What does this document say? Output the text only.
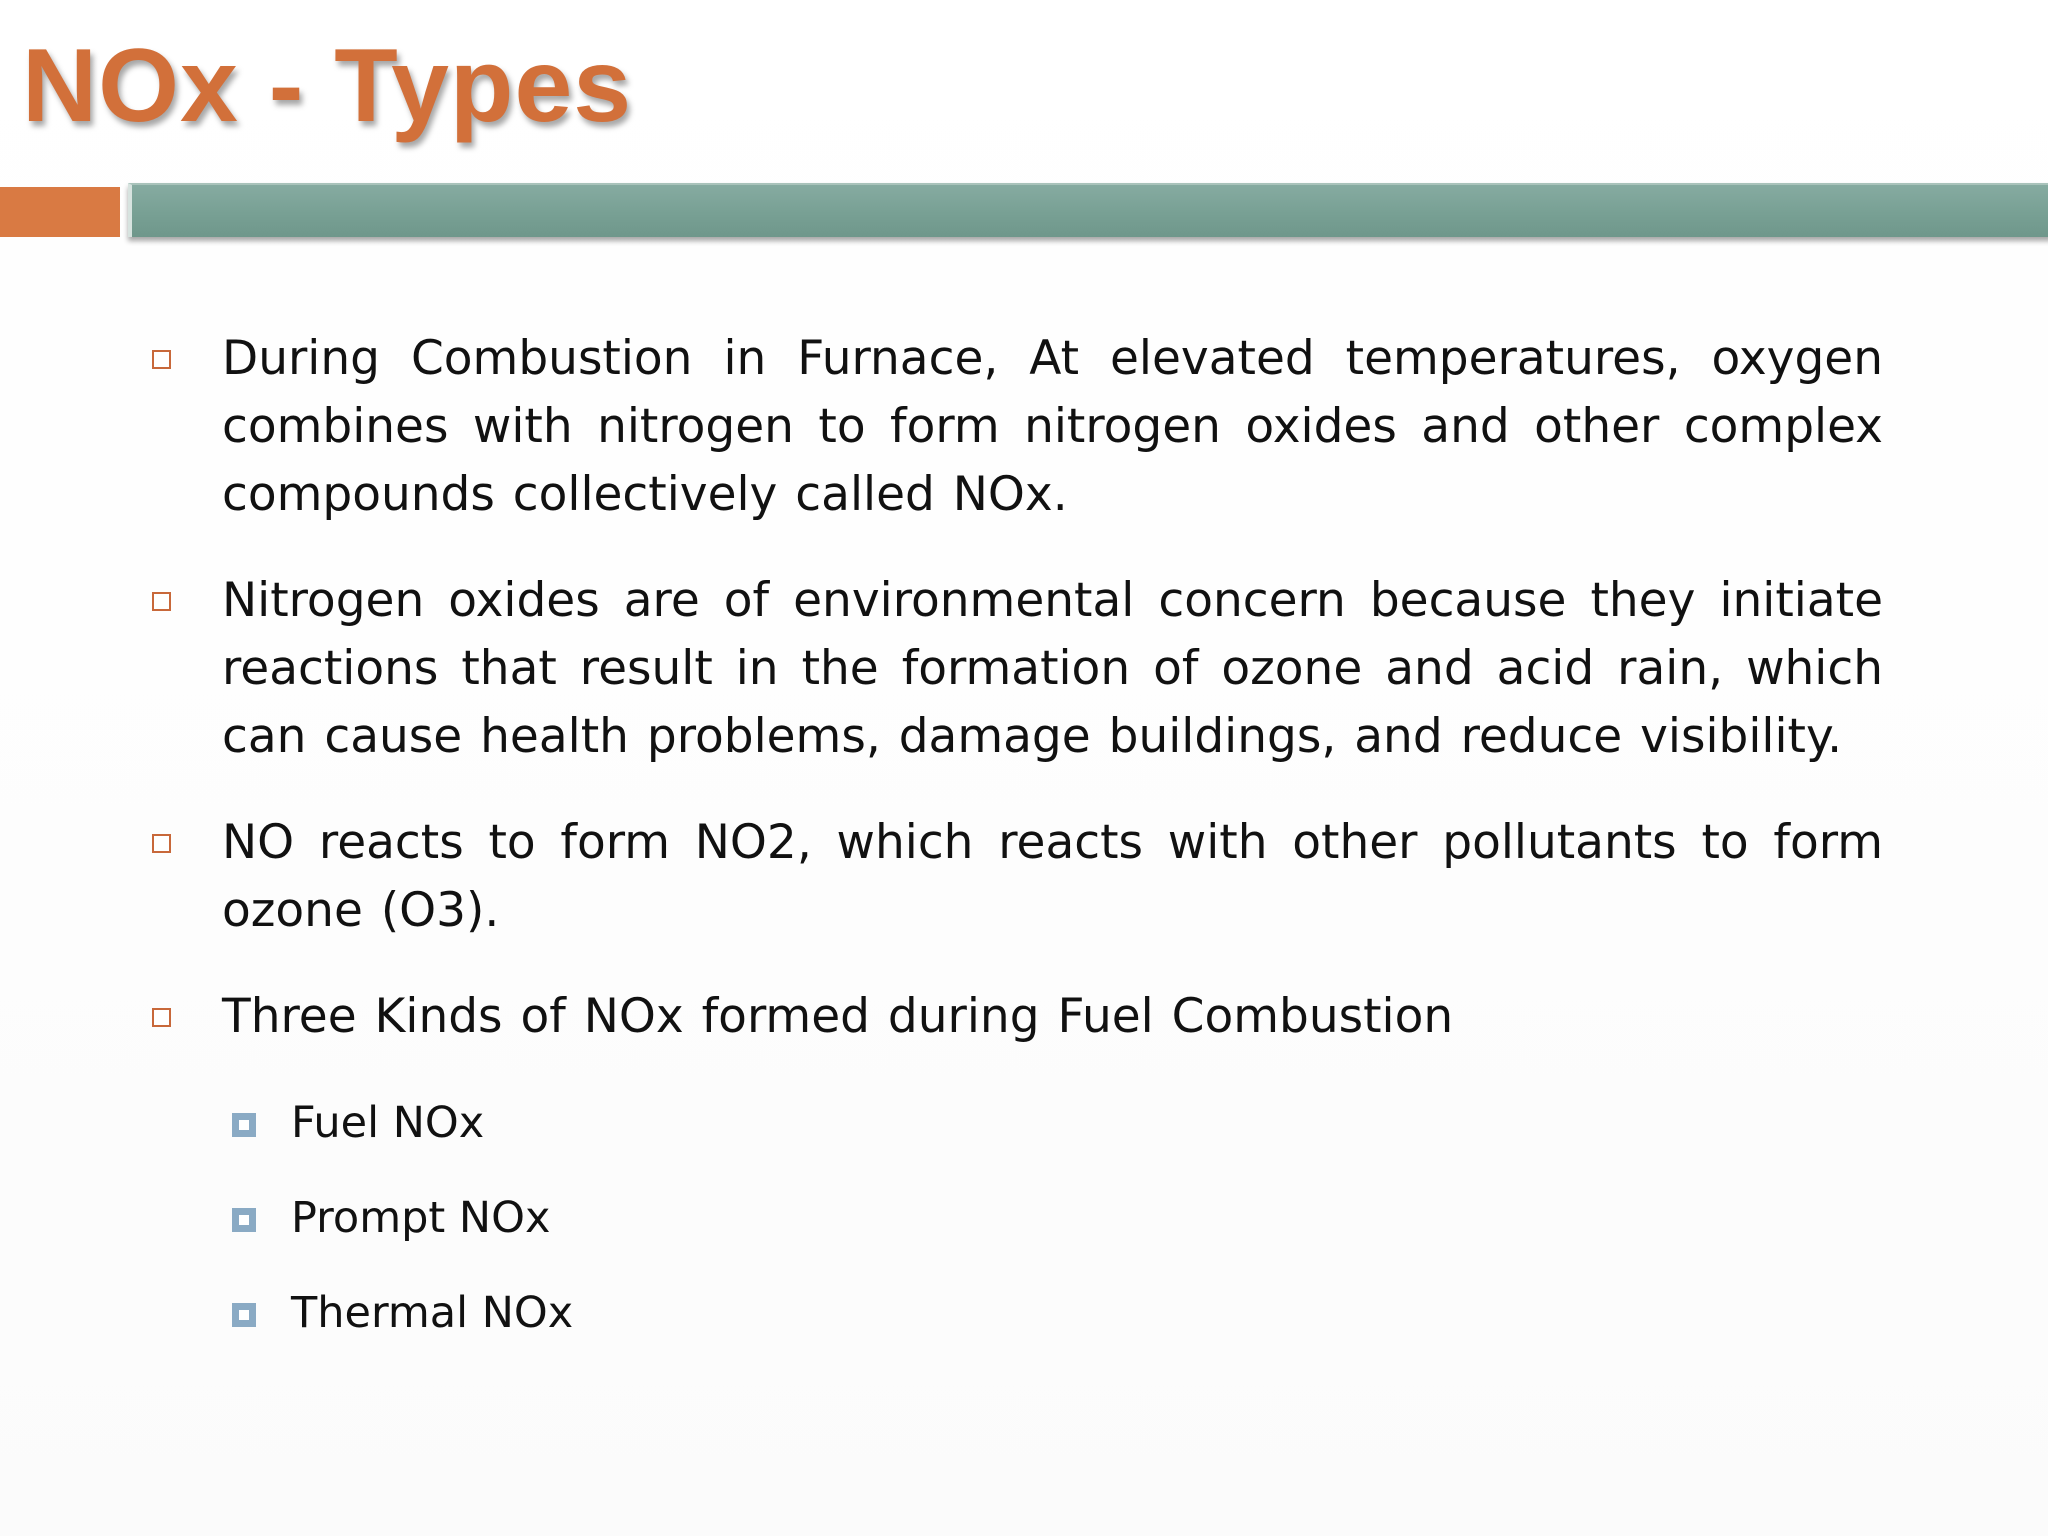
NOx - Types
During Combustion in Furnace, At elevated temperatures, oxygen combines with nitrogen to form nitrogen oxides and other complex compounds collectively called NOx.
Nitrogen oxides are of environmental concern because they initiate reactions that result in the formation of ozone and acid rain, which can cause health problems, damage buildings, and reduce visibility.
NO reacts to form NO2, which reacts with other pollutants to form ozone (O3).
Three Kinds of NOx formed during Fuel Combustion
Fuel NOx
Prompt NOx
Thermal NOx
